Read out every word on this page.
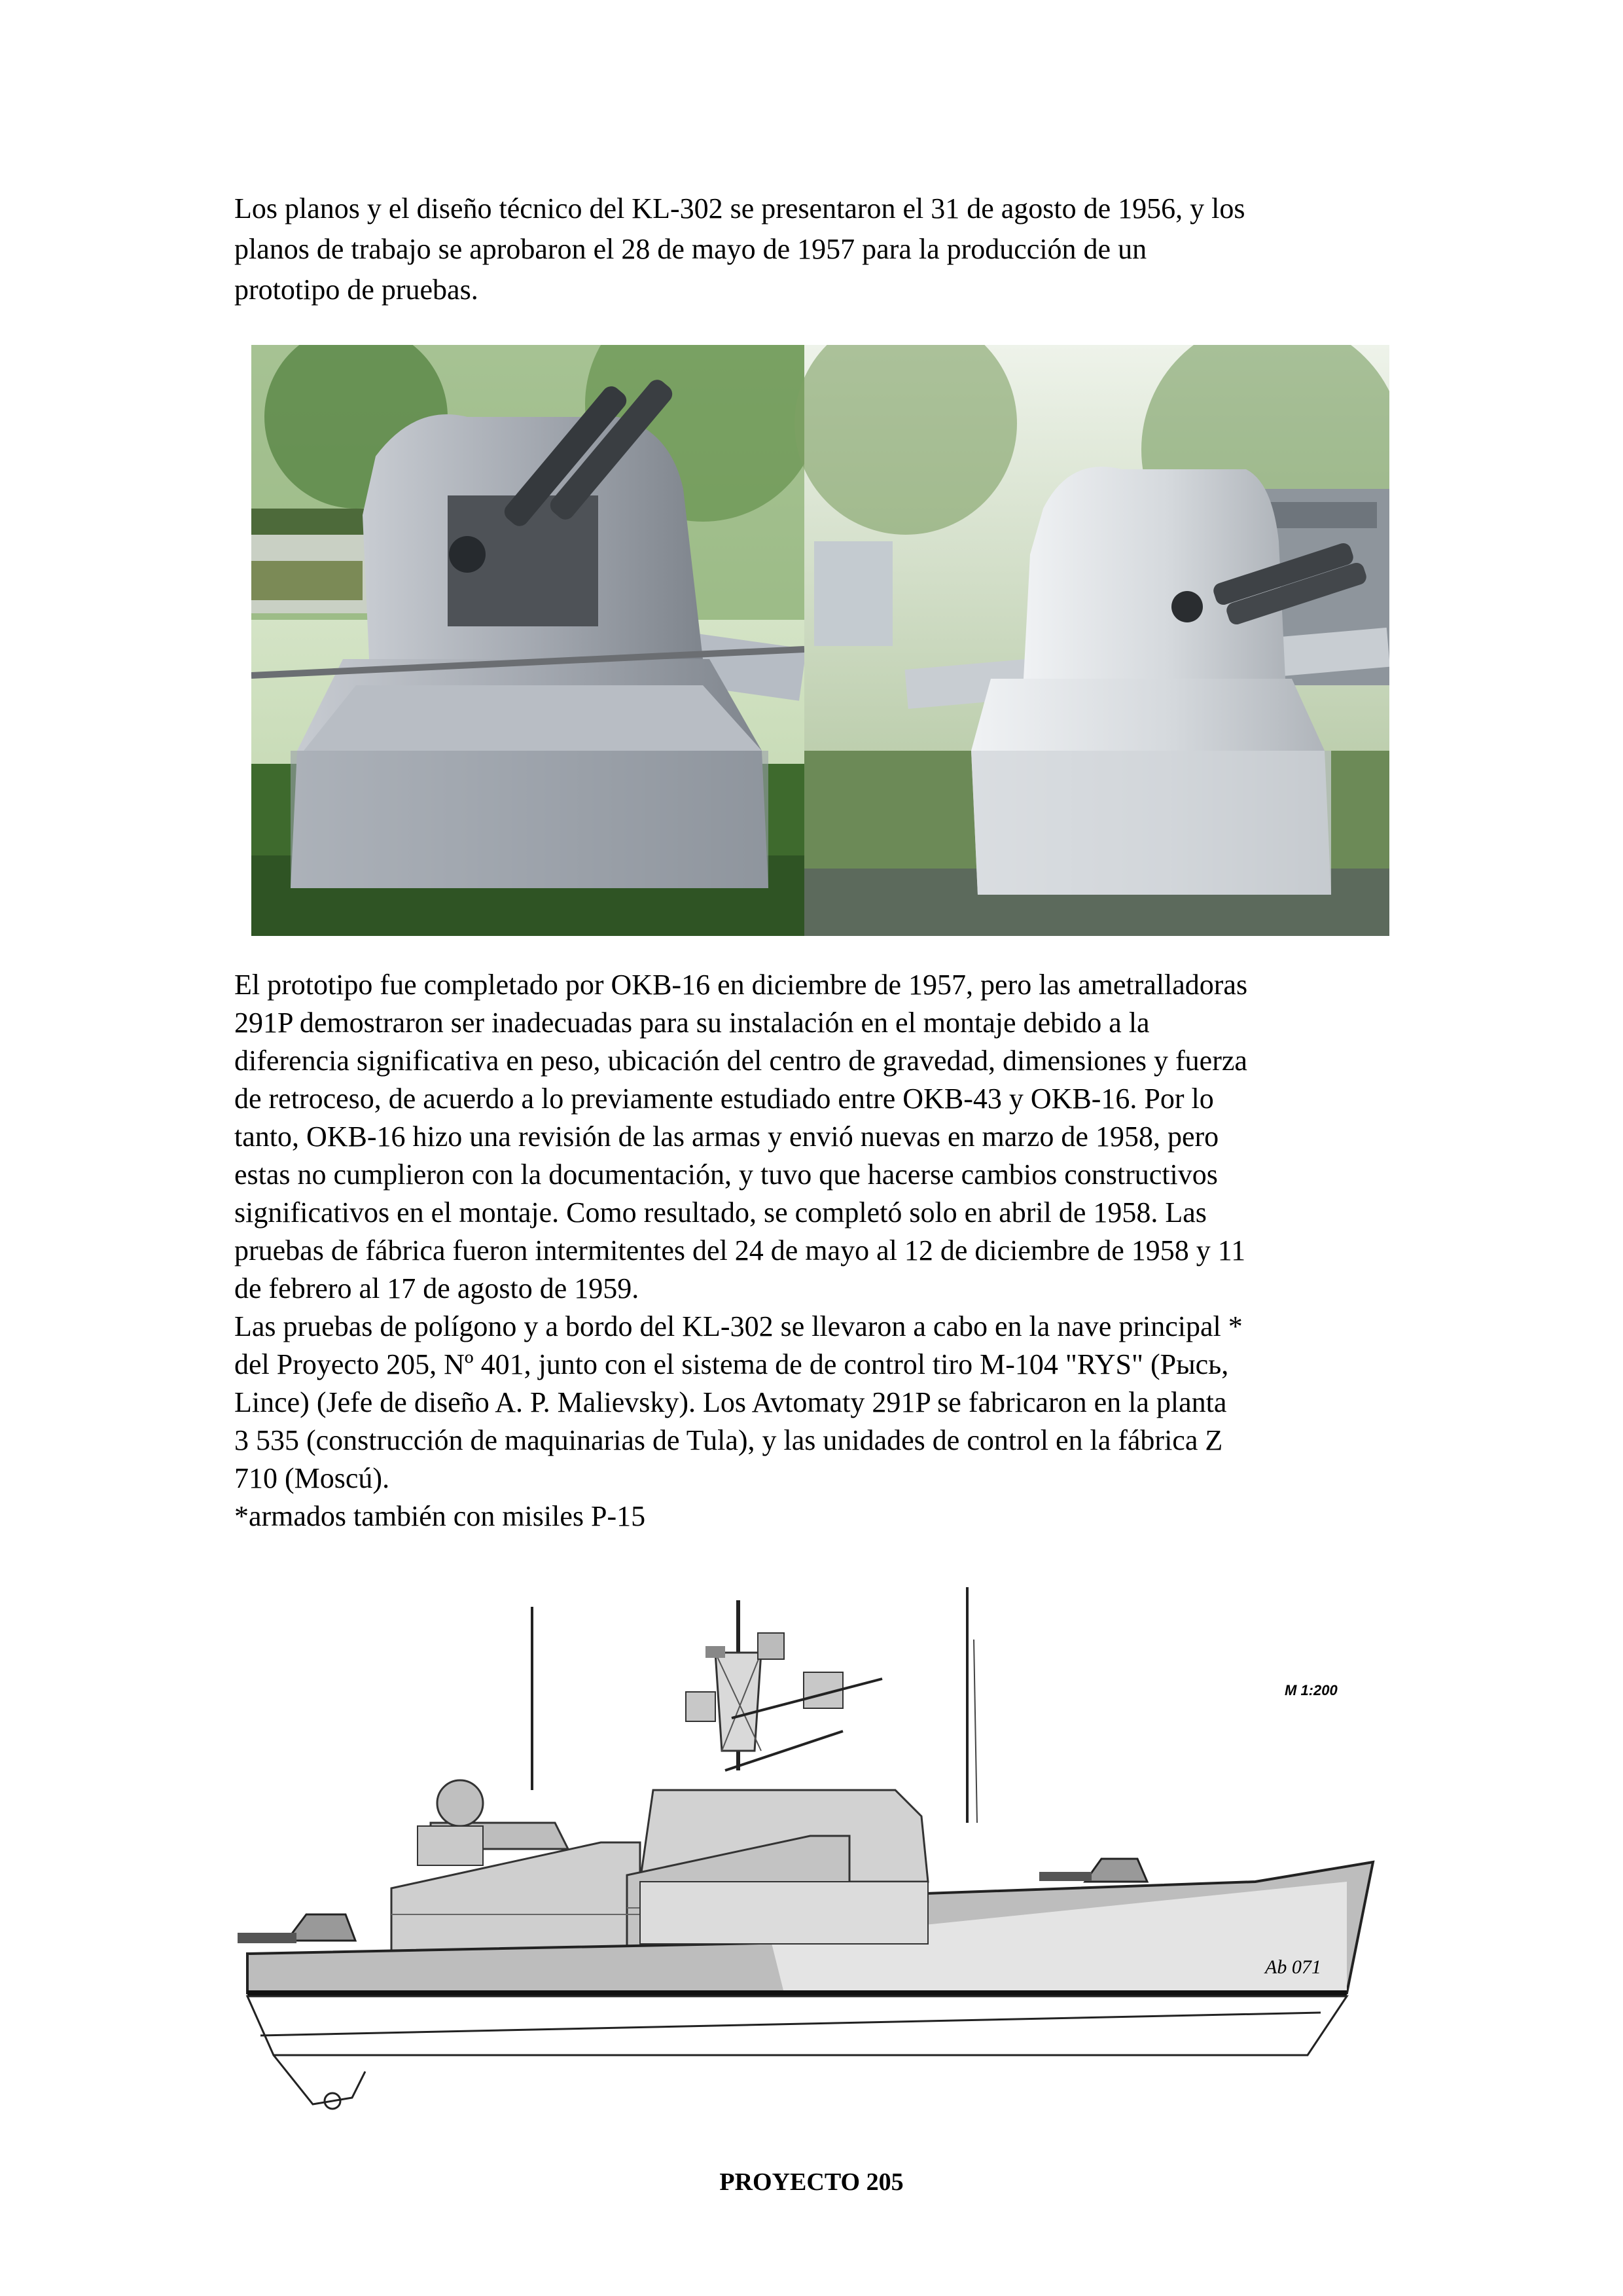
Los planos y el diseño técnico del KL-302 se presentaron el 31 de agosto de 1956, y los
planos de trabajo se aprobaron el 28 de mayo de 1957 para la producción de un
prototipo de pruebas.
El prototipo fue completado por OKB-16 en diciembre de 1957, pero las ametralladoras
291P demostraron ser inadecuadas para su instalación en el montaje debido a la
diferencia significativa en peso, ubicación del centro de gravedad, dimensiones y fuerza
de retroceso, de acuerdo a lo previamente estudiado entre OKB-43 y OKB-16. Por lo
tanto, OKB-16 hizo una revisión de las armas y envió nuevas en marzo de 1958, pero
estas no cumplieron con la documentación, y tuvo que hacerse cambios constructivos
significativos en el montaje. Como resultado, se completó solo en abril de 1958. Las
pruebas de fábrica fueron intermitentes del 24 de mayo al 12 de diciembre de 1958 y 11
de febrero al 17 de agosto de 1959.
Las pruebas de polígono y a bordo del KL-302 se llevaron a cabo en la nave principal *
del Proyecto 205, Nº 401, junto con el sistema de de control tiro M-104 "RYS" (Рысь,
Lince) (Jefe de diseño A. P. Malievsky). Los Avtomaty 291P se fabricaron en la planta
3 535 (construcción de maquinarias de Tula), y las unidades de control en la fábrica Z
710 (Moscú).
*armados también con misiles P-15
M 1:200
Ab 071
PROYECTO 205
